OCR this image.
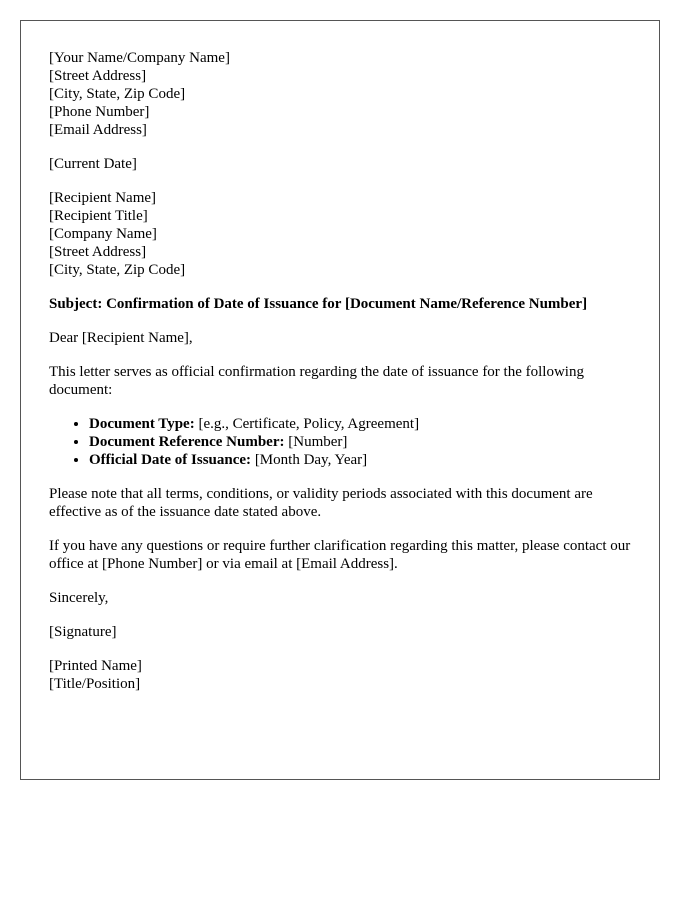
[Your Name/Company Name]
[Street Address]
[City, State, Zip Code]
[Phone Number]
[Email Address]

[Current Date]

[Recipient Name]
[Recipient Title]
[Company Name]
[Street Address]
[City, State, Zip Code]

Subject: Confirmation of Date of Issuance for [Document Name/Reference Number]

Dear [Recipient Name],

This letter serves as official confirmation regarding the date of issuance for the following document:

• Document Type: [e.g., Certificate, Policy, Agreement]
• Document Reference Number: [Number]
• Official Date of Issuance: [Month Day, Year]

Please note that all terms, conditions, or validity periods associated with this document are effective as of the issuance date stated above.

If you have any questions or require further clarification regarding this matter, please contact our office at [Phone Number] or via email at [Email Address].

Sincerely,

[Signature]

[Printed Name]
[Title/Position]
